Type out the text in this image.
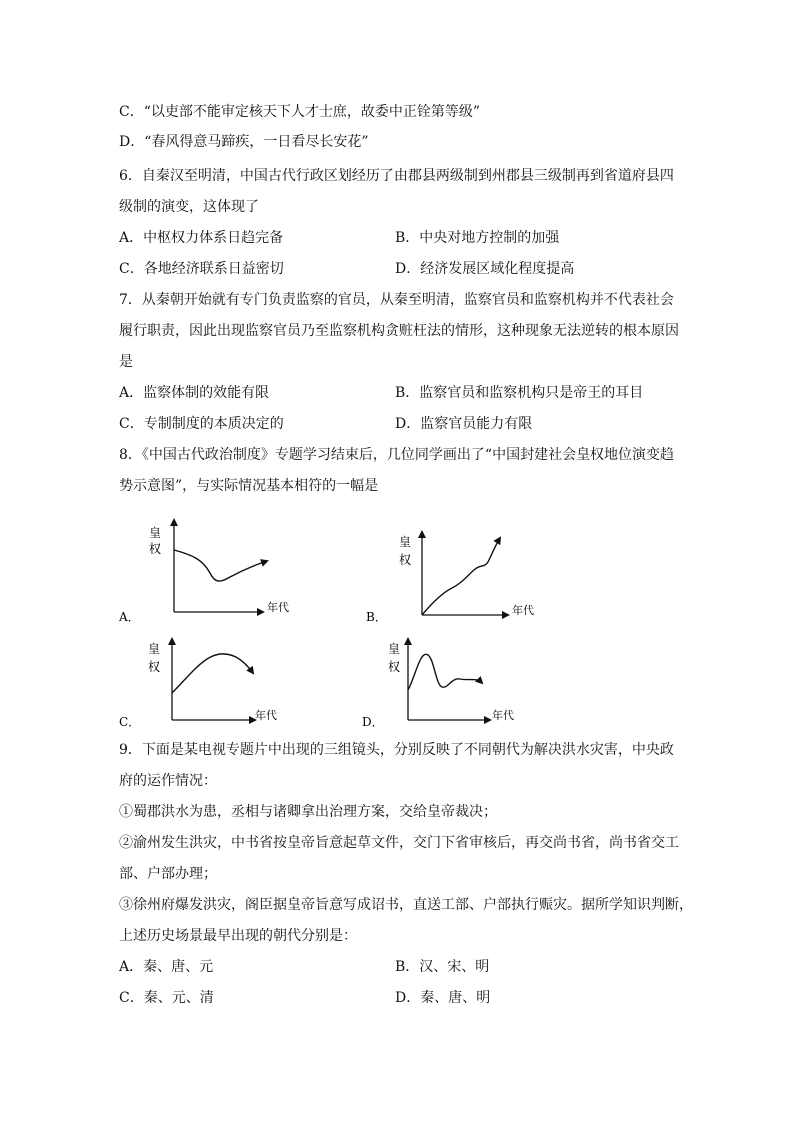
C．“以吏部不能审定核天下人才士庶，故委中正铨第等级”
D．“春风得意马蹄疾，一日看尽长安花”
6．自秦汉至明清，中国古代行政区划经历了由郡县两级制到州郡县三级制再到省道府县四
级制的演变，这体现了
A．中枢权力体系日趋完备	B．中央对地方控制的加强
C．各地经济联系日益密切	D．经济发展区域化程度提高
7．从秦朝开始就有专门负责监察的官员，从秦至明清，监察官员和监察机构并不代表社会
履行职责，因此出现监察官员乃至监察机构贪赃枉法的情形，这种现象无法逆转的根本原因
是
A．监察体制的效能有限	B．监察官员和监察机构只是帝王的耳目
C．专制制度的本质决定的	D．监察官员能力有限
8．《中国古代政治制度》专题学习结束后，几位同学画出了“中国封建社会皇权地位演变趋
势示意图”，与实际情况基本相符的一幅是
皇
权
年代
A．
皇
权
年代
B．
皇
权
年代
C．
皇
权
年代
D．
9．下面是某电视专题片中出现的三组镜头，分别反映了不同朝代为解决洪水灾害，中央政
府的运作情况：
①蜀郡洪水为患，丞相与诸卿拿出治理方案，交给皇帝裁决；
②渝州发生洪灾，中书省按皇帝旨意起草文件，交门下省审核后，再交尚书省，尚书省交工
部、户部办理；
③徐州府爆发洪灾，阁臣据皇帝旨意写成诏书，直送工部、户部执行赈灾。据所学知识判断，
上述历史场景最早出现的朝代分别是：
A．秦、唐、元	B．汉、宋、明
C．秦、元、清	D．秦、唐、明
